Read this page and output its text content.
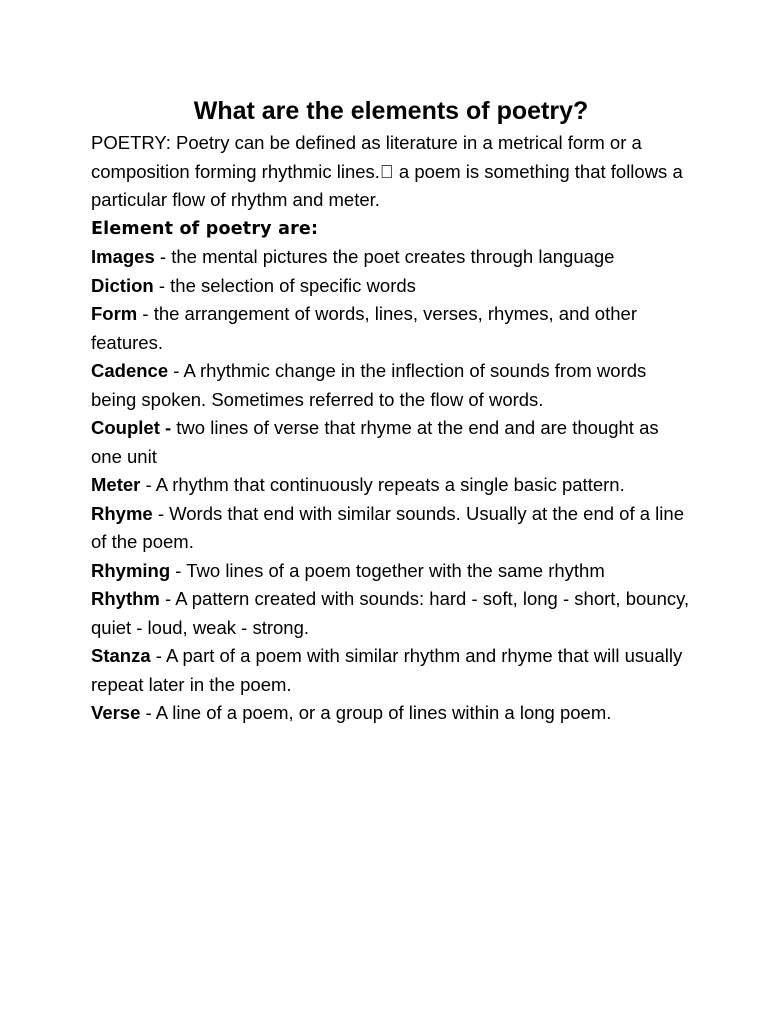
What are the elements of poetry?

POETRY: Poetry can be defined as literature in a metrical form or a composition forming rhythmic lines.  a poem is something that follows a particular flow of rhythm and meter.

Element of poetry are:

Images - the mental pictures the poet creates through language

Diction - the selection of specific words

Form - the arrangement of words, lines, verses, rhymes, and other features.

Cadence - A rhythmic change in the inflection of sounds from words being spoken. Sometimes referred to the flow of words.

Couplet - two lines of verse that rhyme at the end and are thought as one unit

Meter - A rhythm that continuously repeats a single basic pattern.

Rhyme - Words that end with similar sounds. Usually at the end of a line of the poem.

Rhyming - Two lines of a poem together with the same rhythm

Rhythm - A pattern created with sounds: hard - soft, long - short, bouncy, quiet - loud, weak - strong.

Stanza - A part of a poem with similar rhythm and rhyme that will usually repeat later in the poem.

Verse - A line of a poem, or a group of lines within a long poem.
